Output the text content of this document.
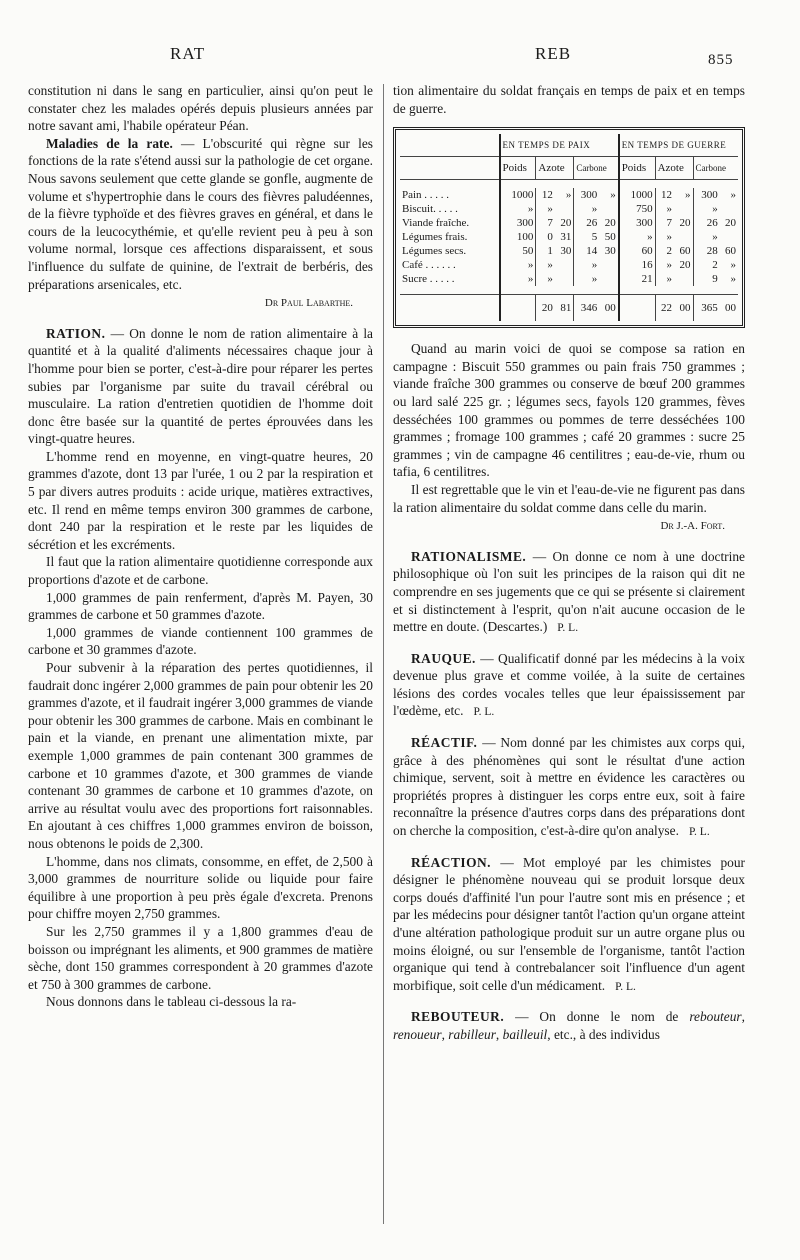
RAT	REB	855

constitution ni dans le sang en particulier, ainsi qu'on peut le constater chez les malades opérés depuis plusieurs années par notre savant ami, l'habile opérateur Péan.

Maladies de la rate. — L'obscurité qui règne sur les fonctions de la rate s'étend aussi sur la pathologie de cet organe. Nous savons seulement que cette glande se gonfle, augmente de volume et s'hypertrophie dans le cours des fièvres paludéennes, de la fièvre typhoïde et des fièvres graves en général, et dans le cours de la leucocythémie, et qu'elle revient peu à peu à son volume normal, lorsque ces affections disparaissent, et sous l'influence du sulfate de quinine, de l'extrait de berbéris, des préparations arsenicales, etc.

Dr Paul Labarthe.

RATION. — On donne le nom de ration alimentaire à la quantité et à la qualité d'aliments nécessaires chaque jour à l'homme pour bien se porter, c'est-à-dire pour réparer les pertes subies par l'organisme par suite du travail cérébral ou musculaire. La ration d'entretien quotidien de l'homme doit donc être basée sur la quantité de pertes éprouvées dans les vingt-quatre heures.

L'homme rend en moyenne, en vingt-quatre heures, 20 grammes d'azote, dont 13 par l'urée, 1 ou 2 par la respiration et 5 par divers autres produits : acide urique, matières extractives, etc. Il rend en même temps environ 300 grammes de carbone, dont 240 par la respiration et le reste par les liquides de sécrétion et les excréments.

Il faut que la ration alimentaire quotidienne corresponde aux proportions d'azote et de carbone.

1,000 grammes de pain renferment, d'après M. Payen, 30 grammes de carbone et 50 grammes d'azote.

1,000 grammes de viande contiennent 100 grammes de carbone et 30 grammes d'azote.

Pour subvenir à la réparation des pertes quotidiennes, il faudrait donc ingérer 2,000 grammes de pain pour obtenir les 20 grammes d'azote, et il faudrait ingérer 3,000 grammes de viande pour obtenir les 300 grammes de carbone. Mais en combinant le pain et la viande, en prenant une alimentation mixte, par exemple 1,000 grammes de pain contenant 300 grammes de carbone et 10 grammes d'azote, et 300 grammes de viande contenant 30 grammes de carbone et 10 grammes d'azote, on arrive au résultat voulu avec des proportions fort raisonnables. En ajoutant à ces chiffres 1,000 grammes environ de boisson, nous obtenons le poids de 2,300.

L'homme, dans nos climats, consomme, en effet, de 2,500 à 3,000 grammes de nourriture solide ou liquide pour faire équilibre à une proportion à peu près égale d'excreta. Prenons pour chiffre moyen 2,750 grammes.

Sur les 2,750 grammes il y a 1,800 grammes d'eau de boisson ou imprégnant les aliments, et 900 grammes de matière sèche, dont 150 grammes correspondent à 20 grammes d'azote et 750 à 300 grammes de carbone.

Nous donnons dans le tableau ci-dessous la ra-

tion alimentaire du soldat français en temps de paix et en temps de guerre.

	EN TEMPS DE PAIX					EN TEMPS DE GUERRE				
	Poids	Azote		Carbone		Poids	Azote		Carbone	

Pain . . . . .	1000	12	»	300	»	1000	12	»	300	»
Biscuit. . . . .	»	»		»		750	»		»	
Viande fraîche.	300	7	20	26	20	300	7	20	26	20
Légumes frais.	100	0	31	5	50	»	»		»	
Légumes secs.	50	1	30	14	30	60	2	60	28	60
Café . . . . . .	»	»		»		16	»	20	2	»
Sucre . . . . .	»	»		»		21	»		9	»

		20	81	346	00		22	00	365	00

Quand au marin voici de quoi se compose sa ration en campagne : Biscuit 550 grammes ou pain frais 750 grammes ; viande fraîche 300 grammes ou conserve de bœuf 200 grammes ou lard salé 225 gr. ; légumes secs, fayols 120 grammes, fèves desséchées 100 grammes ou pommes de terre desséchées 100 grammes ; fromage 100 grammes ; café 20 grammes : sucre 25 grammes ; vin de campagne 46 centilitres ; eau-de-vie, rhum ou tafia, 6 centilitres.

Il est regrettable que le vin et l'eau-de-vie ne figurent pas dans la ration alimentaire du soldat comme dans celle du marin.

Dr J.-A. Fort.

RATIONALISME. — On donne ce nom à une doctrine philosophique où l'on suit les principes de la raison qui dit ne comprendre en ses jugements que ce qui se présente si clairement et si distinctement à l'esprit, qu'on n'ait aucune occasion de le mettre en doute. (Descartes.) P. L.

RAUQUE. — Qualificatif donné par les médecins à la voix devenue plus grave et comme voilée, à la suite de certaines lésions des cordes vocales telles que leur épaississement par l'œdème, etc. P. L.

RÉACTIF. — Nom donné par les chimistes aux corps qui, grâce à des phénomènes qui sont le résultat d'une action chimique, servent, soit à mettre en évidence les caractères ou propriétés propres à distinguer les corps entre eux, soit à faire reconnaître la présence d'autres corps dans des préparations dont on cherche la composition, c'est-à-dire qu'on analyse. P. L.

RÉACTION. — Mot employé par les chimistes pour désigner le phénomène nouveau qui se produit lorsque deux corps doués d'affinité l'un pour l'autre sont mis en présence ; et par les médecins pour désigner tantôt l'action qu'un organe atteint d'une altération pathologique produit sur un autre organe plus ou moins éloigné, ou sur l'ensemble de l'organisme, tantôt l'action organique qui tend à contrebalancer soit l'influence d'un agent morbifique, soit celle d'un médicament. P. L.

REBOUTEUR. — On donne le nom de rebouteur, renoueur, rabilleur, bailleuil, etc., à des individus
